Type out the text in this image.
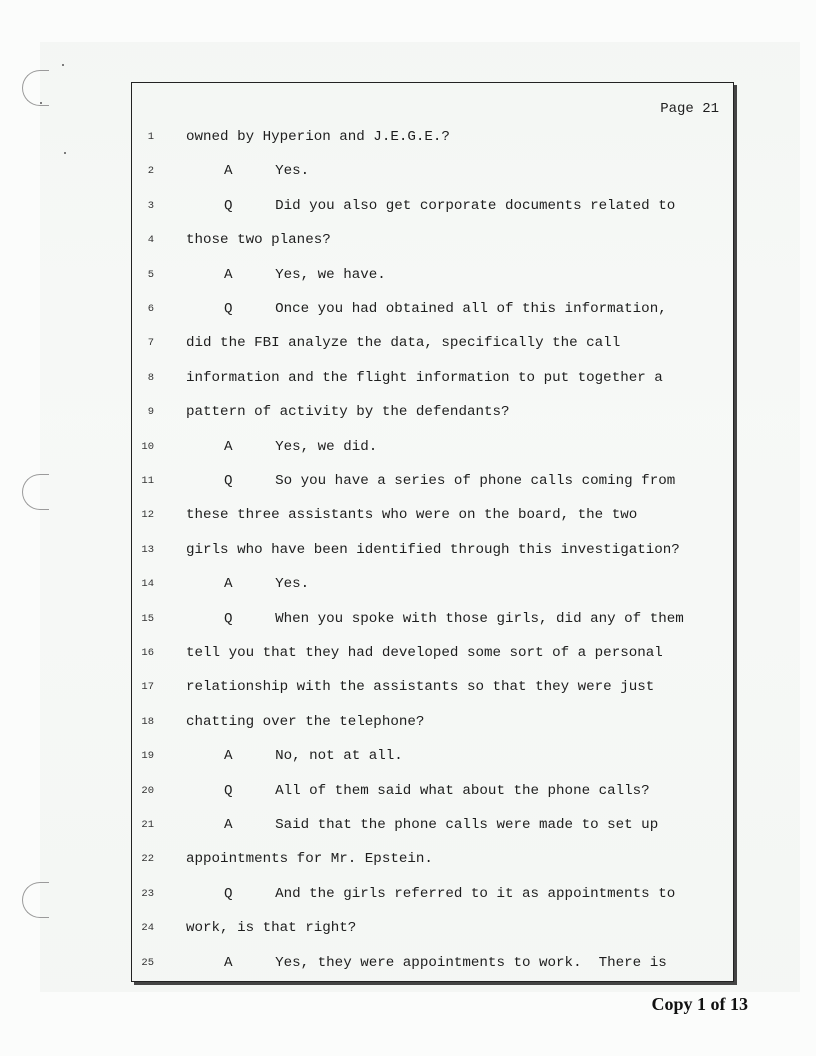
Page 21
1 owned by Hyperion and J.E.G.E.?
2	A     Yes.
3	Q     Did you also get corporate documents related to
4 those two planes?
5	A     Yes, we have.
6	Q     Once you had obtained all of this information,
7 did the FBI analyze the data, specifically the call
8 information and the flight information to put together a
9 pattern of activity by the defendants?
10	A     Yes, we did.
11	Q     So you have a series of phone calls coming from
12 these three assistants who were on the board, the two
13 girls who have been identified through this investigation?
14	A     Yes.
15	Q     When you spoke with those girls, did any of them
16 tell you that they had developed some sort of a personal
17 relationship with the assistants so that they were just
18 chatting over the telephone?
19	A     No, not at all.
20	Q     All of them said what about the phone calls?
21	A     Said that the phone calls were made to set up
22 appointments for Mr. Epstein.
23	Q     And the girls referred to it as appointments to
24 work, is that right?
25	A     Yes, they were appointments to work.  There is
Copy 1 of 13
